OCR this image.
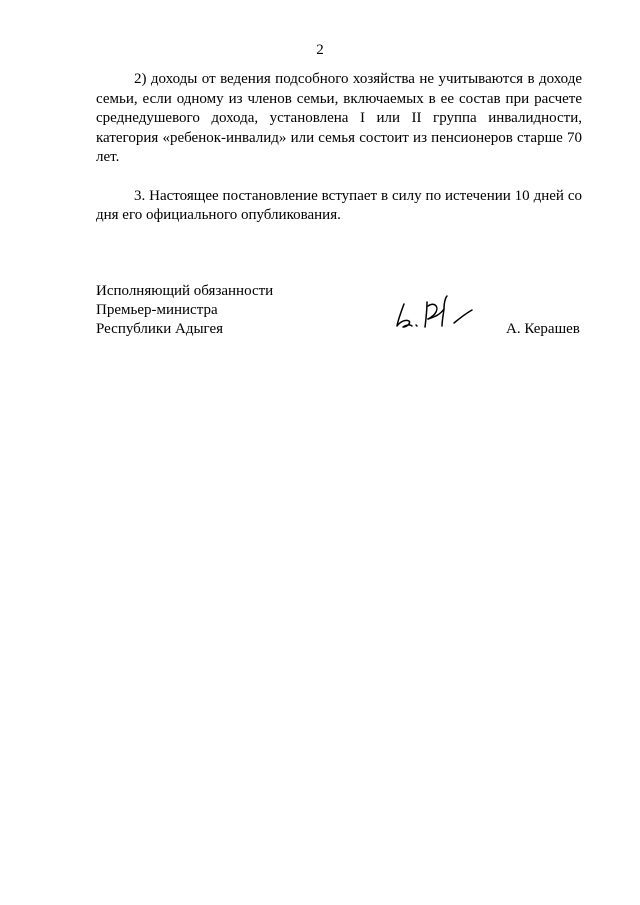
2

2) доходы от ведения подсобного хозяйства не учитываются в доходе семьи, если одному из членов семьи, включаемых в ее состав при расчете среднедушевого дохода, установлена I или II группа инвалидности, категория «ребенок-инвалид» или семья состоит из пенсионеров старше 70 лет.

3. Настоящее постановление вступает в силу по истечении 10 дней со дня его официального опубликования.

Исполняющий обязанности
Премьер-министра
Республики Адыгея	А. Керашев
